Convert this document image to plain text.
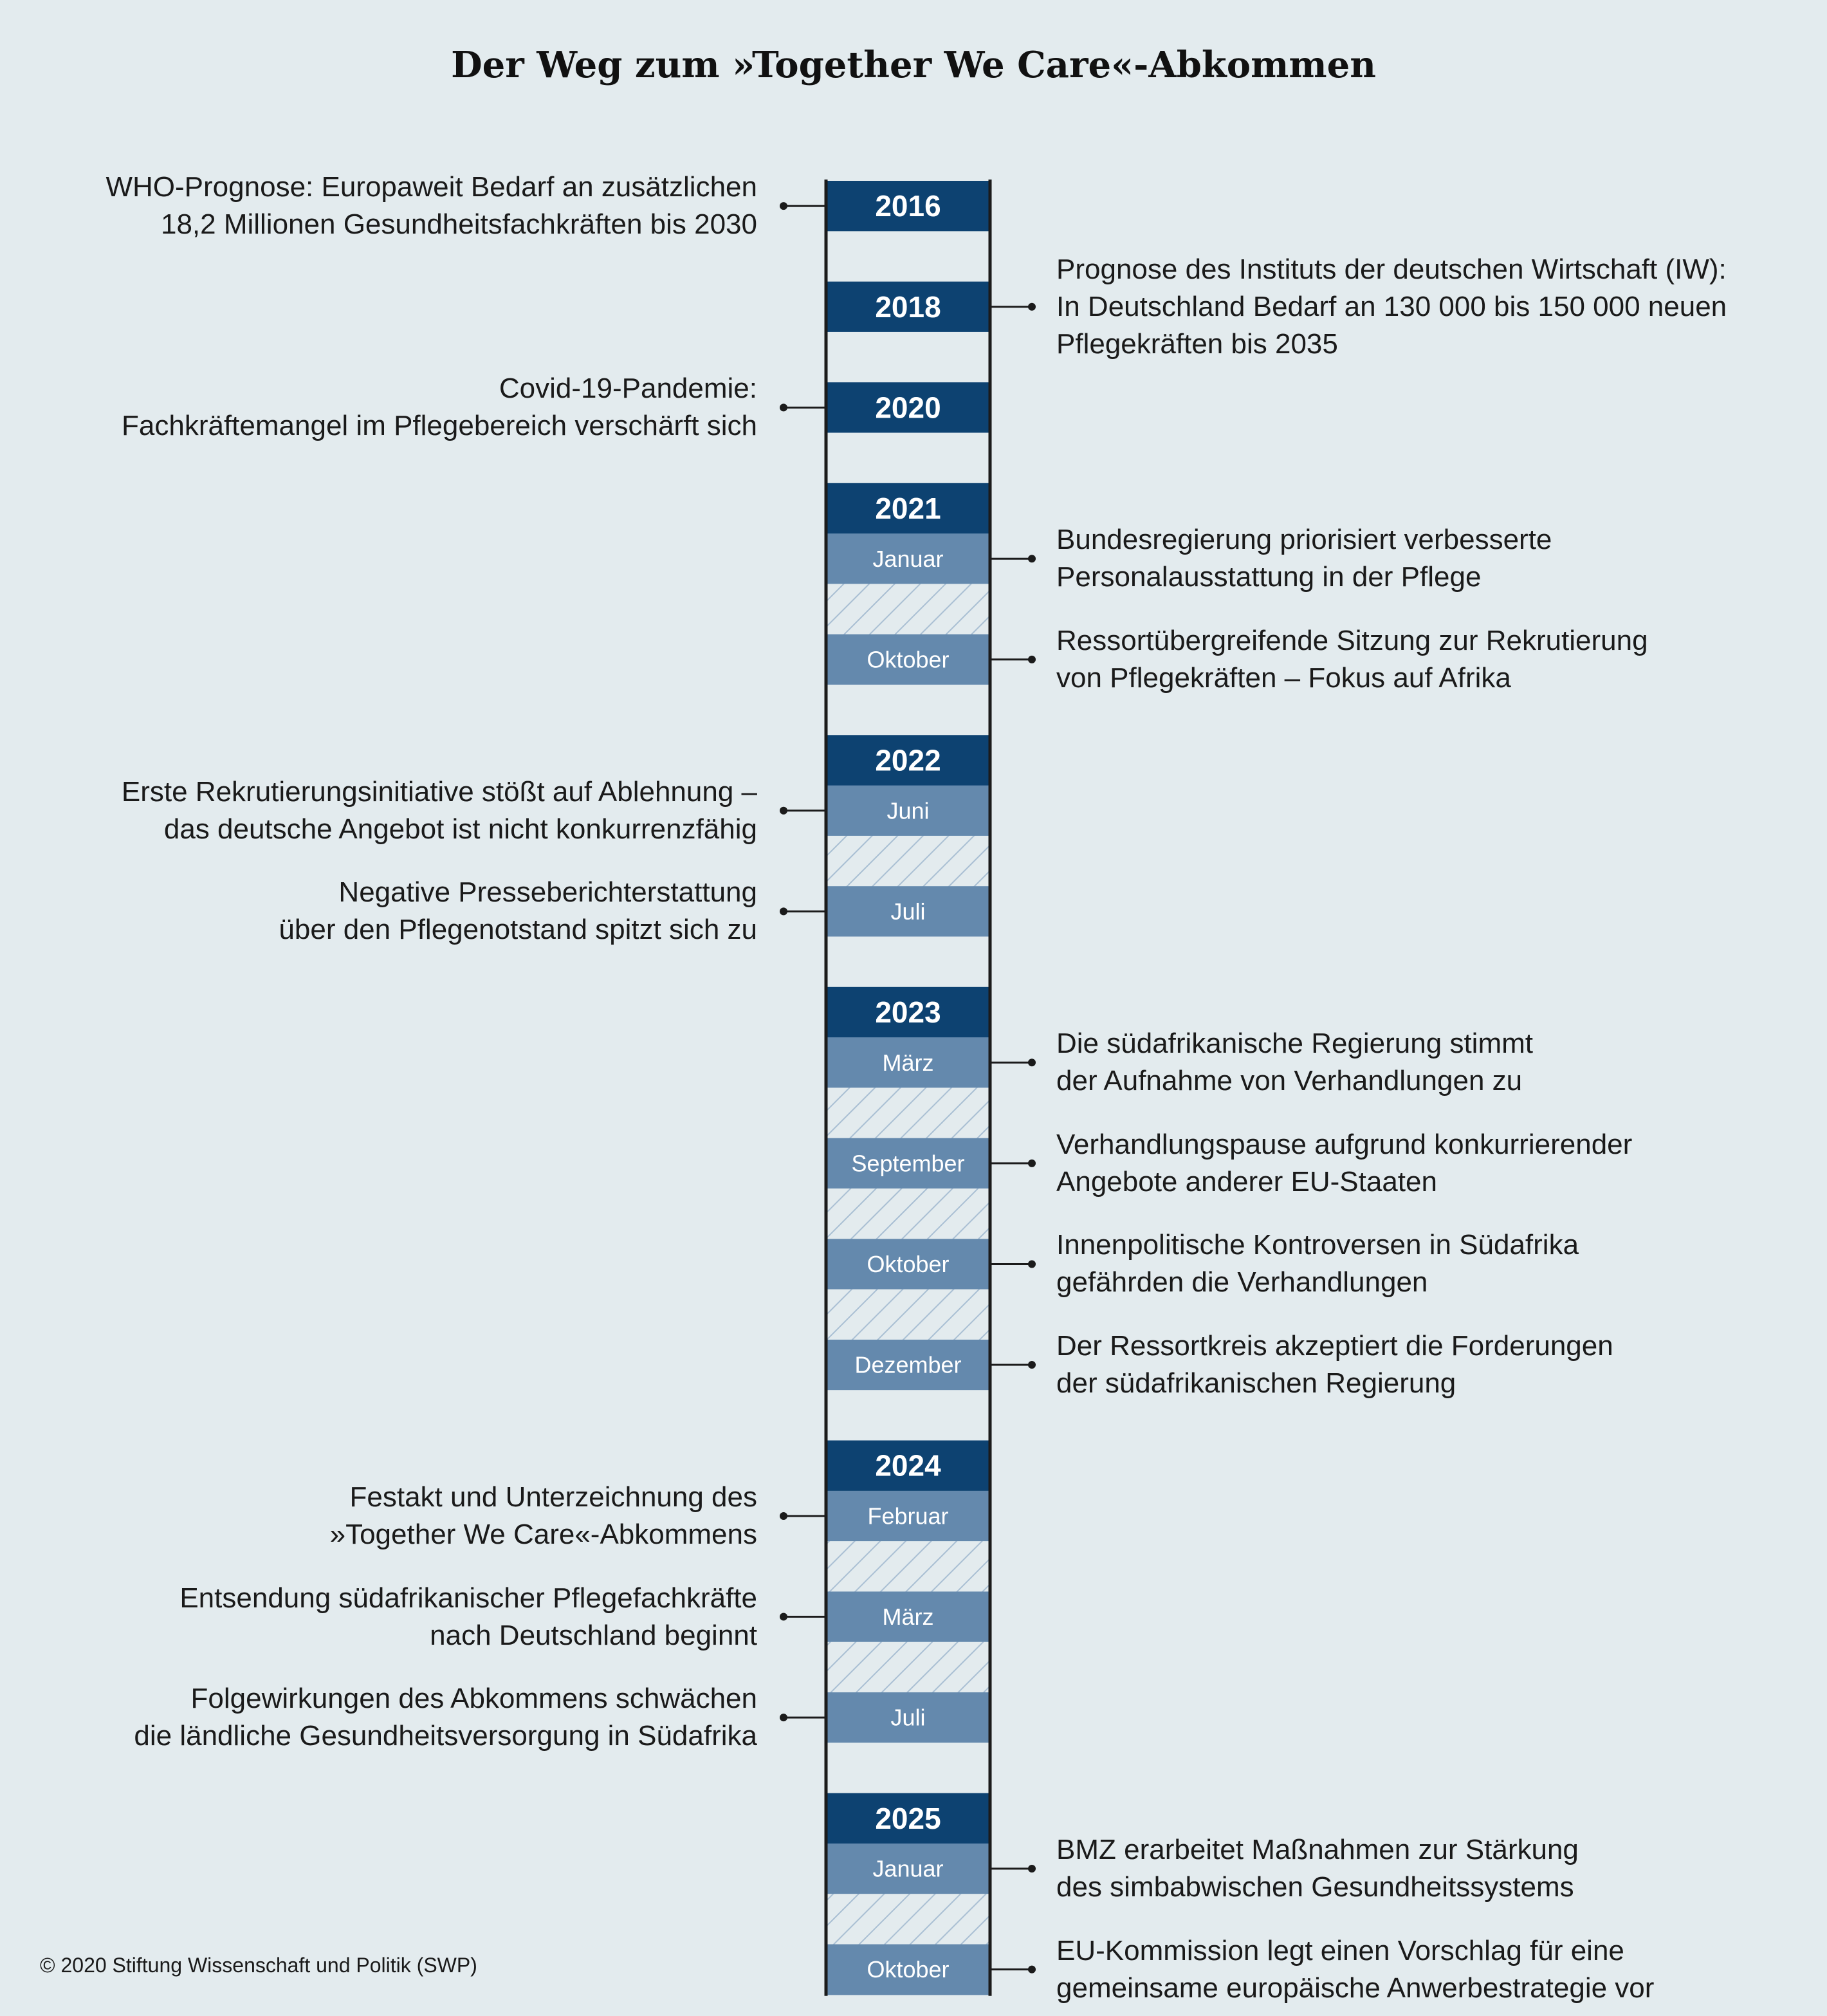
Der Weg zum »Together We Care«-Abkommen
2016
2018
2020
2021
Januar
Oktober
2022
Juni
Juli
2023
März
September
Oktober
Dezember
2024
Februar
März
Juli
2025
Januar
Oktober
WHO-Prognose: Europaweit Bedarf an zusätzlichen
18,2 Millionen Gesundheitsfachkräften bis 2030
Prognose des Instituts der deutschen Wirtschaft (IW):
In Deutschland Bedarf an 130 000 bis 150 000 neuen
Pflegekräften bis 2035
Covid-19-Pandemie:
Fachkräftemangel im Pflegebereich verschärft sich
Bundesregierung priorisiert verbesserte
Personalausstattung in der Pflege
Ressortübergreifende Sitzung zur Rekrutierung
von Pflegekräften – Fokus auf Afrika
Erste Rekrutierungsinitiative stößt auf Ablehnung –
das deutsche Angebot ist nicht konkurrenzfähig
Negative Presseberichterstattung
über den Pflegenotstand spitzt sich zu
Die südafrikanische Regierung stimmt
der Aufnahme von Verhandlungen zu
Verhandlungspause aufgrund konkurrierender
Angebote anderer EU-Staaten
Innenpolitische Kontroversen in Südafrika
gefährden die Verhandlungen
Der Ressortkreis akzeptiert die Forderungen
der südafrikanischen Regierung
Festakt und Unterzeichnung des
»Together We Care«-Abkommens
Entsendung südafrikanischer Pflegefachkräfte
nach Deutschland beginnt
Folgewirkungen des Abkommens schwächen
die ländliche Gesundheitsversorgung in Südafrika
BMZ erarbeitet Maßnahmen zur Stärkung
des simbabwischen Gesundheitssystems
EU-Kommission legt einen Vorschlag für eine
gemeinsame europäische Anwerbestrategie vor
© 2020 Stiftung Wissenschaft und Politik (SWP)
